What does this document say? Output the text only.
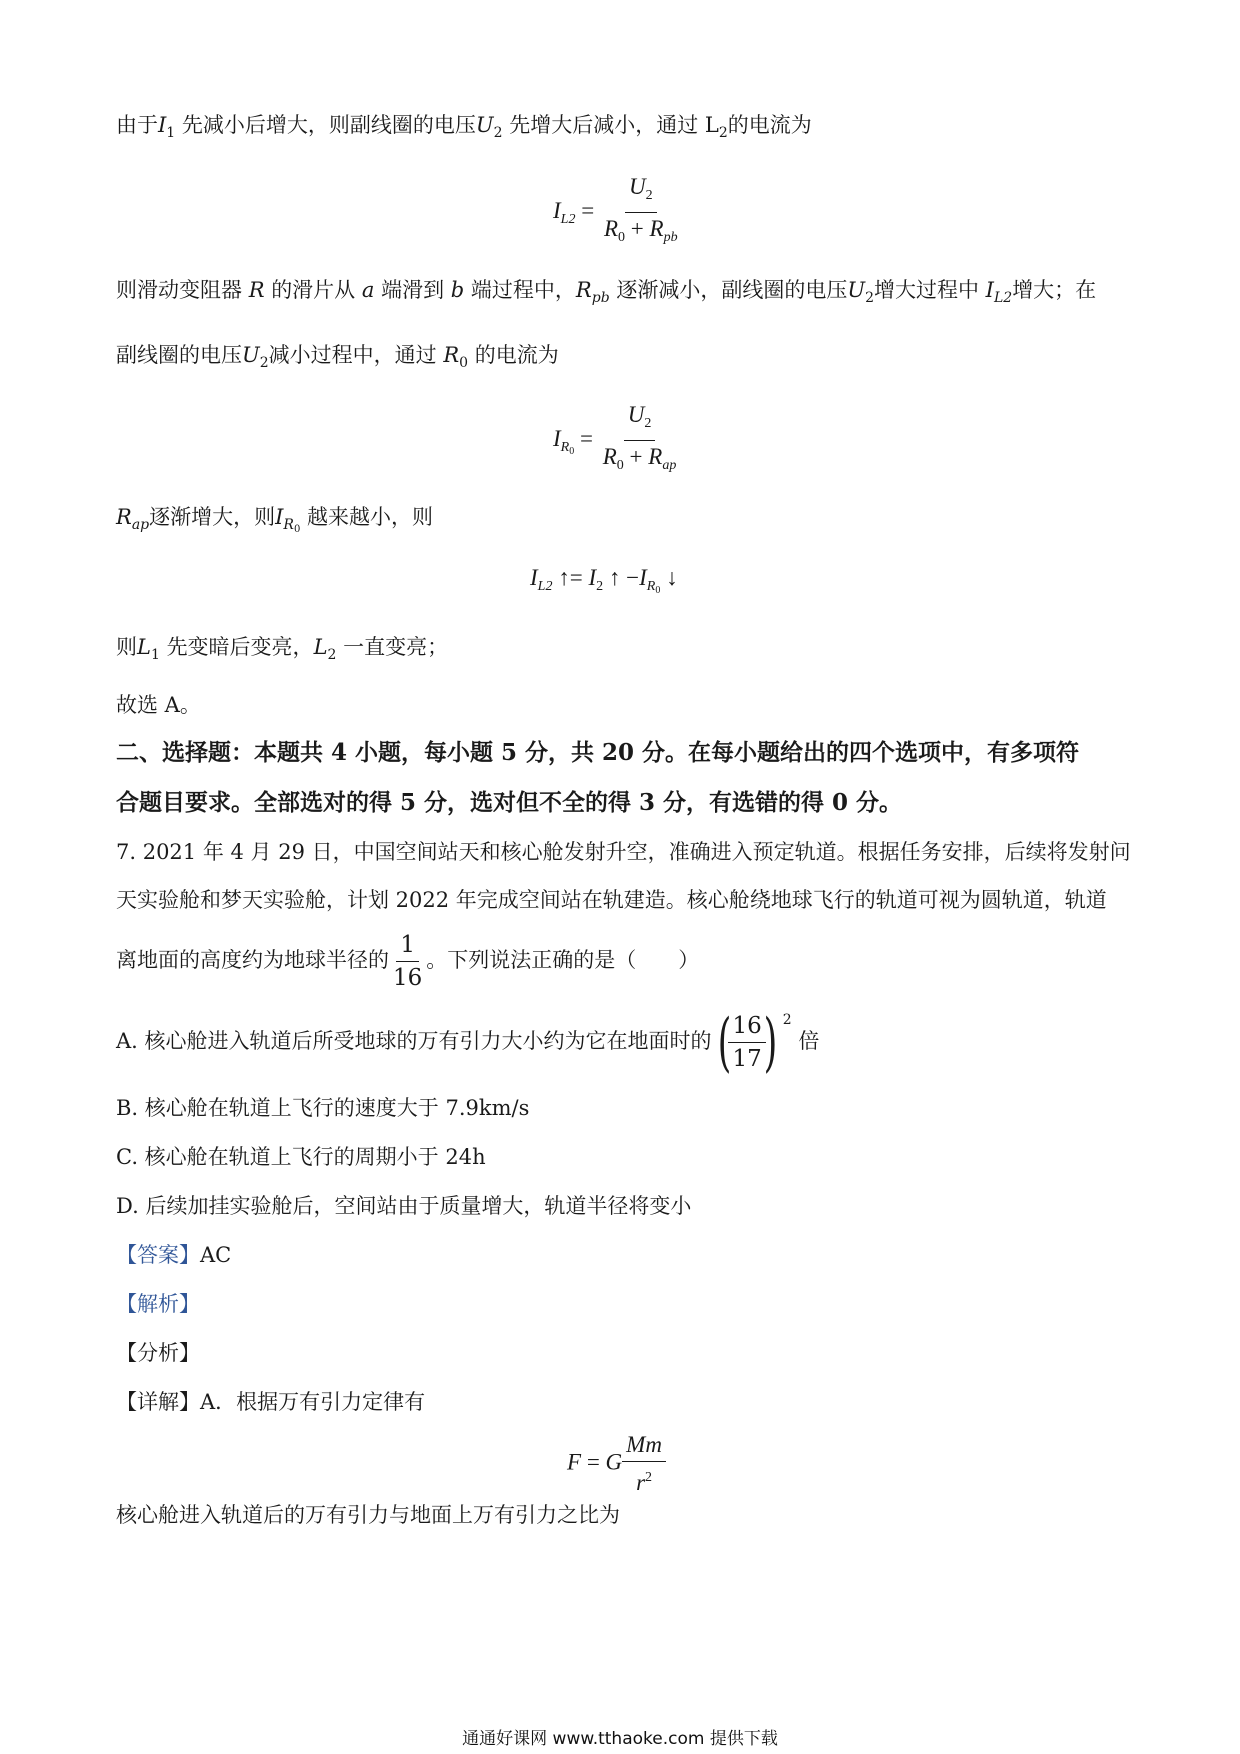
由于$I_1$ 先减小后增大，则副线圈的电压$U_2$ 先增大后减小，通过 $L_2$的电流为
$I_{L2} = \frac{U_2}{R_0 + R_{pb}}$
则滑动变阻器 R 的滑片从 a 端滑到 b 端过程中，$R_{pb}$ 逐渐减小，副线圈的电压$U_2$增大过程中 $I_{L2}$增大；在
副线圈的电压$U_2$减小过程中，通过 $R_0$ 的电流为
$I_{R_0} = \frac{U_2}{R_0 + R_{ap}}$
$R_{ap}$逐渐增大，则$I_{R_0}$ 越来越小，则
$I_{L2}$ ↑= $I_2$ ↑ $-I_{R_0}$ ↓
则$L_1$ 先变暗后变亮，$L_2$ 一直变亮；
故选 A。
二、选择题：本题共 4 小题，每小题 5 分，共 20 分。在每小题给出的四个选项中，有多项符
合题目要求。全部选对的得 5 分，选对但不全的得 3 分，有选错的得 0 分。
7. 2021 年 4 月 29 日，中国空间站天和核心舱发射升空，准确进入预定轨道。根据任务安排，后续将发射问
天实验舱和梦天实验舱，计划 2022 年完成空间站在轨建造。核心舱绕地球飞行的轨道可视为圆轨道，轨道
离地面的高度约为地球半径的 $\frac{1}{16}$ 。下列说法正确的是（　　）
A. 核心舱进入轨道后所受地球的万有引力大小约为它在地面时的(
$\frac{16}{17}$
) $^2$ 倍
B. 核心舱在轨道上飞行的速度大于 7.9km/s
C. 核心舱在轨道上飞行的周期小于 24h
D. 后续加挂实验舱后，空间站由于质量增大，轨道半径将变小
【答案】AC
【解析】
【分析】
【详解】A．根据万有引力定律有
F = G $\frac{Mm}{r^2}$
核心舱进入轨道后的万有引力与地面上万有引力之比为
通通好课网 www.tthaoke.com 提供下载
